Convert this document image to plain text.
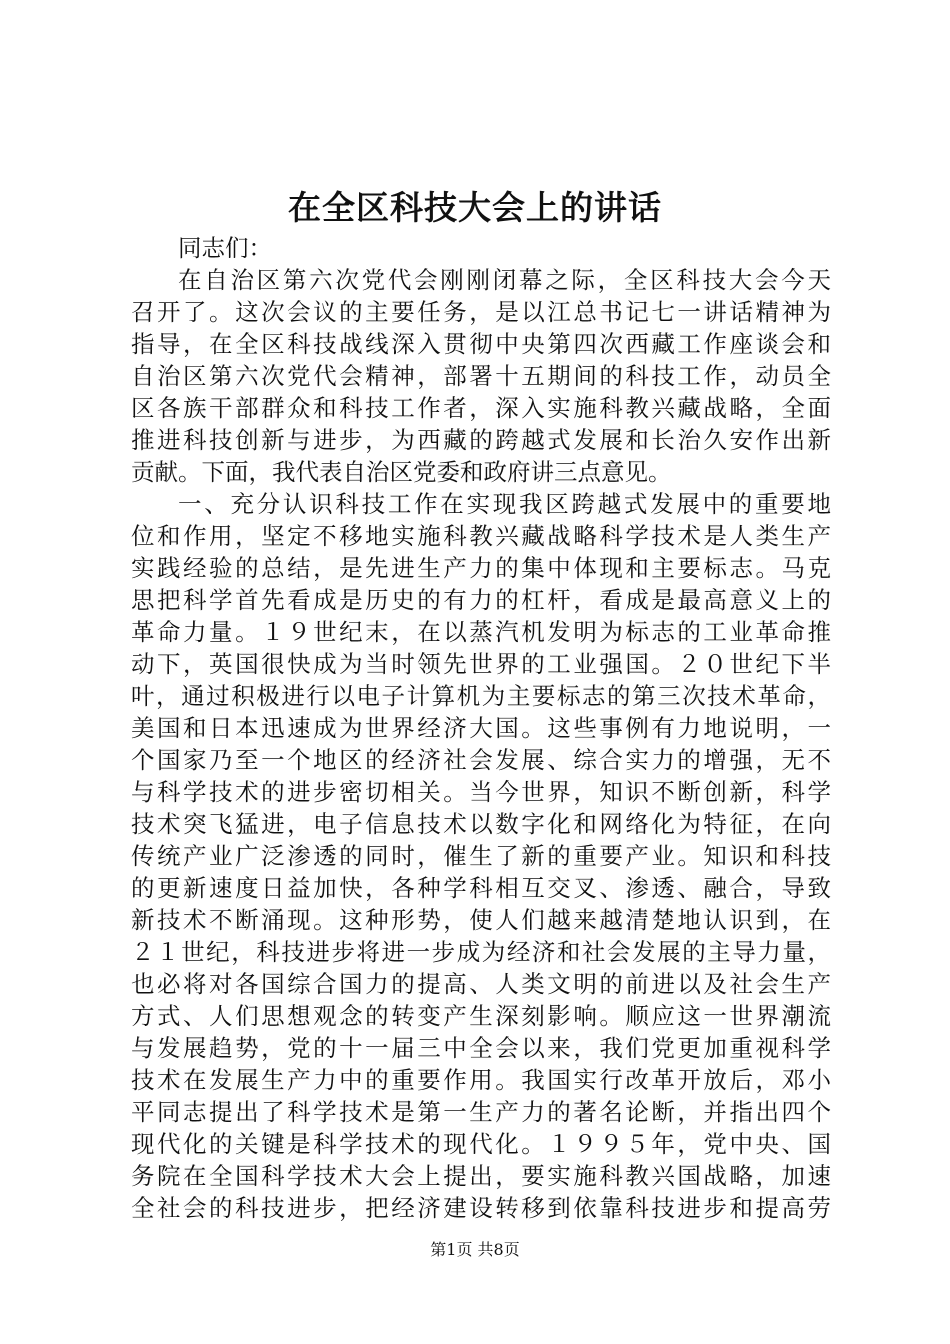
在全区科技大会上的讲话
同志们：
在自治区第六次党代会刚刚闭幕之际，全区科技大会今天
召开了。这次会议的主要任务，是以江总书记七一讲话精神为
指导，在全区科技战线深入贯彻中央第四次西藏工作座谈会和
自治区第六次党代会精神，部署十五期间的科技工作，动员全
区各族干部群众和科技工作者，深入实施科教兴藏战略，全面
推进科技创新与进步，为西藏的跨越式发展和长治久安作出新
贡献。下面，我代表自治区党委和政府讲三点意见。
一、充分认识科技工作在实现我区跨越式发展中的重要地
位和作用，坚定不移地实施科教兴藏战略科学技术是人类生产
实践经验的总结，是先进生产力的集中体现和主要标志。马克
思把科学首先看成是历史的有力的杠杆，看成是最高意义上的
革命力量。１９世纪末，在以蒸汽机发明为标志的工业革命推
动下，英国很快成为当时领先世界的工业强国。２０世纪下半
叶，通过积极进行以电子计算机为主要标志的第三次技术革命，
美国和日本迅速成为世界经济大国。这些事例有力地说明，一
个国家乃至一个地区的经济社会发展、综合实力的增强，无不
与科学技术的进步密切相关。当今世界，知识不断创新，科学
技术突飞猛进，电子信息技术以数字化和网络化为特征，在向
传统产业广泛渗透的同时，催生了新的重要产业。知识和科技
的更新速度日益加快，各种学科相互交叉、渗透、融合，导致
新技术不断涌现。这种形势，使人们越来越清楚地认识到，在
２１世纪，科技进步将进一步成为经济和社会发展的主导力量，
也必将对各国综合国力的提高、人类文明的前进以及社会生产
方式、人们思想观念的转变产生深刻影响。顺应这一世界潮流
与发展趋势，党的十一届三中全会以来，我们党更加重视科学
技术在发展生产力中的重要作用。我国实行改革开放后，邓小
平同志提出了科学技术是第一生产力的著名论断，并指出四个
现代化的关键是科学技术的现代化。１９９５年，党中央、国
务院在全国科学技术大会上提出，要实施科教兴国战略，加速
全社会的科技进步，把经济建设转移到依靠科技进步和提高劳
第1页 共8页
